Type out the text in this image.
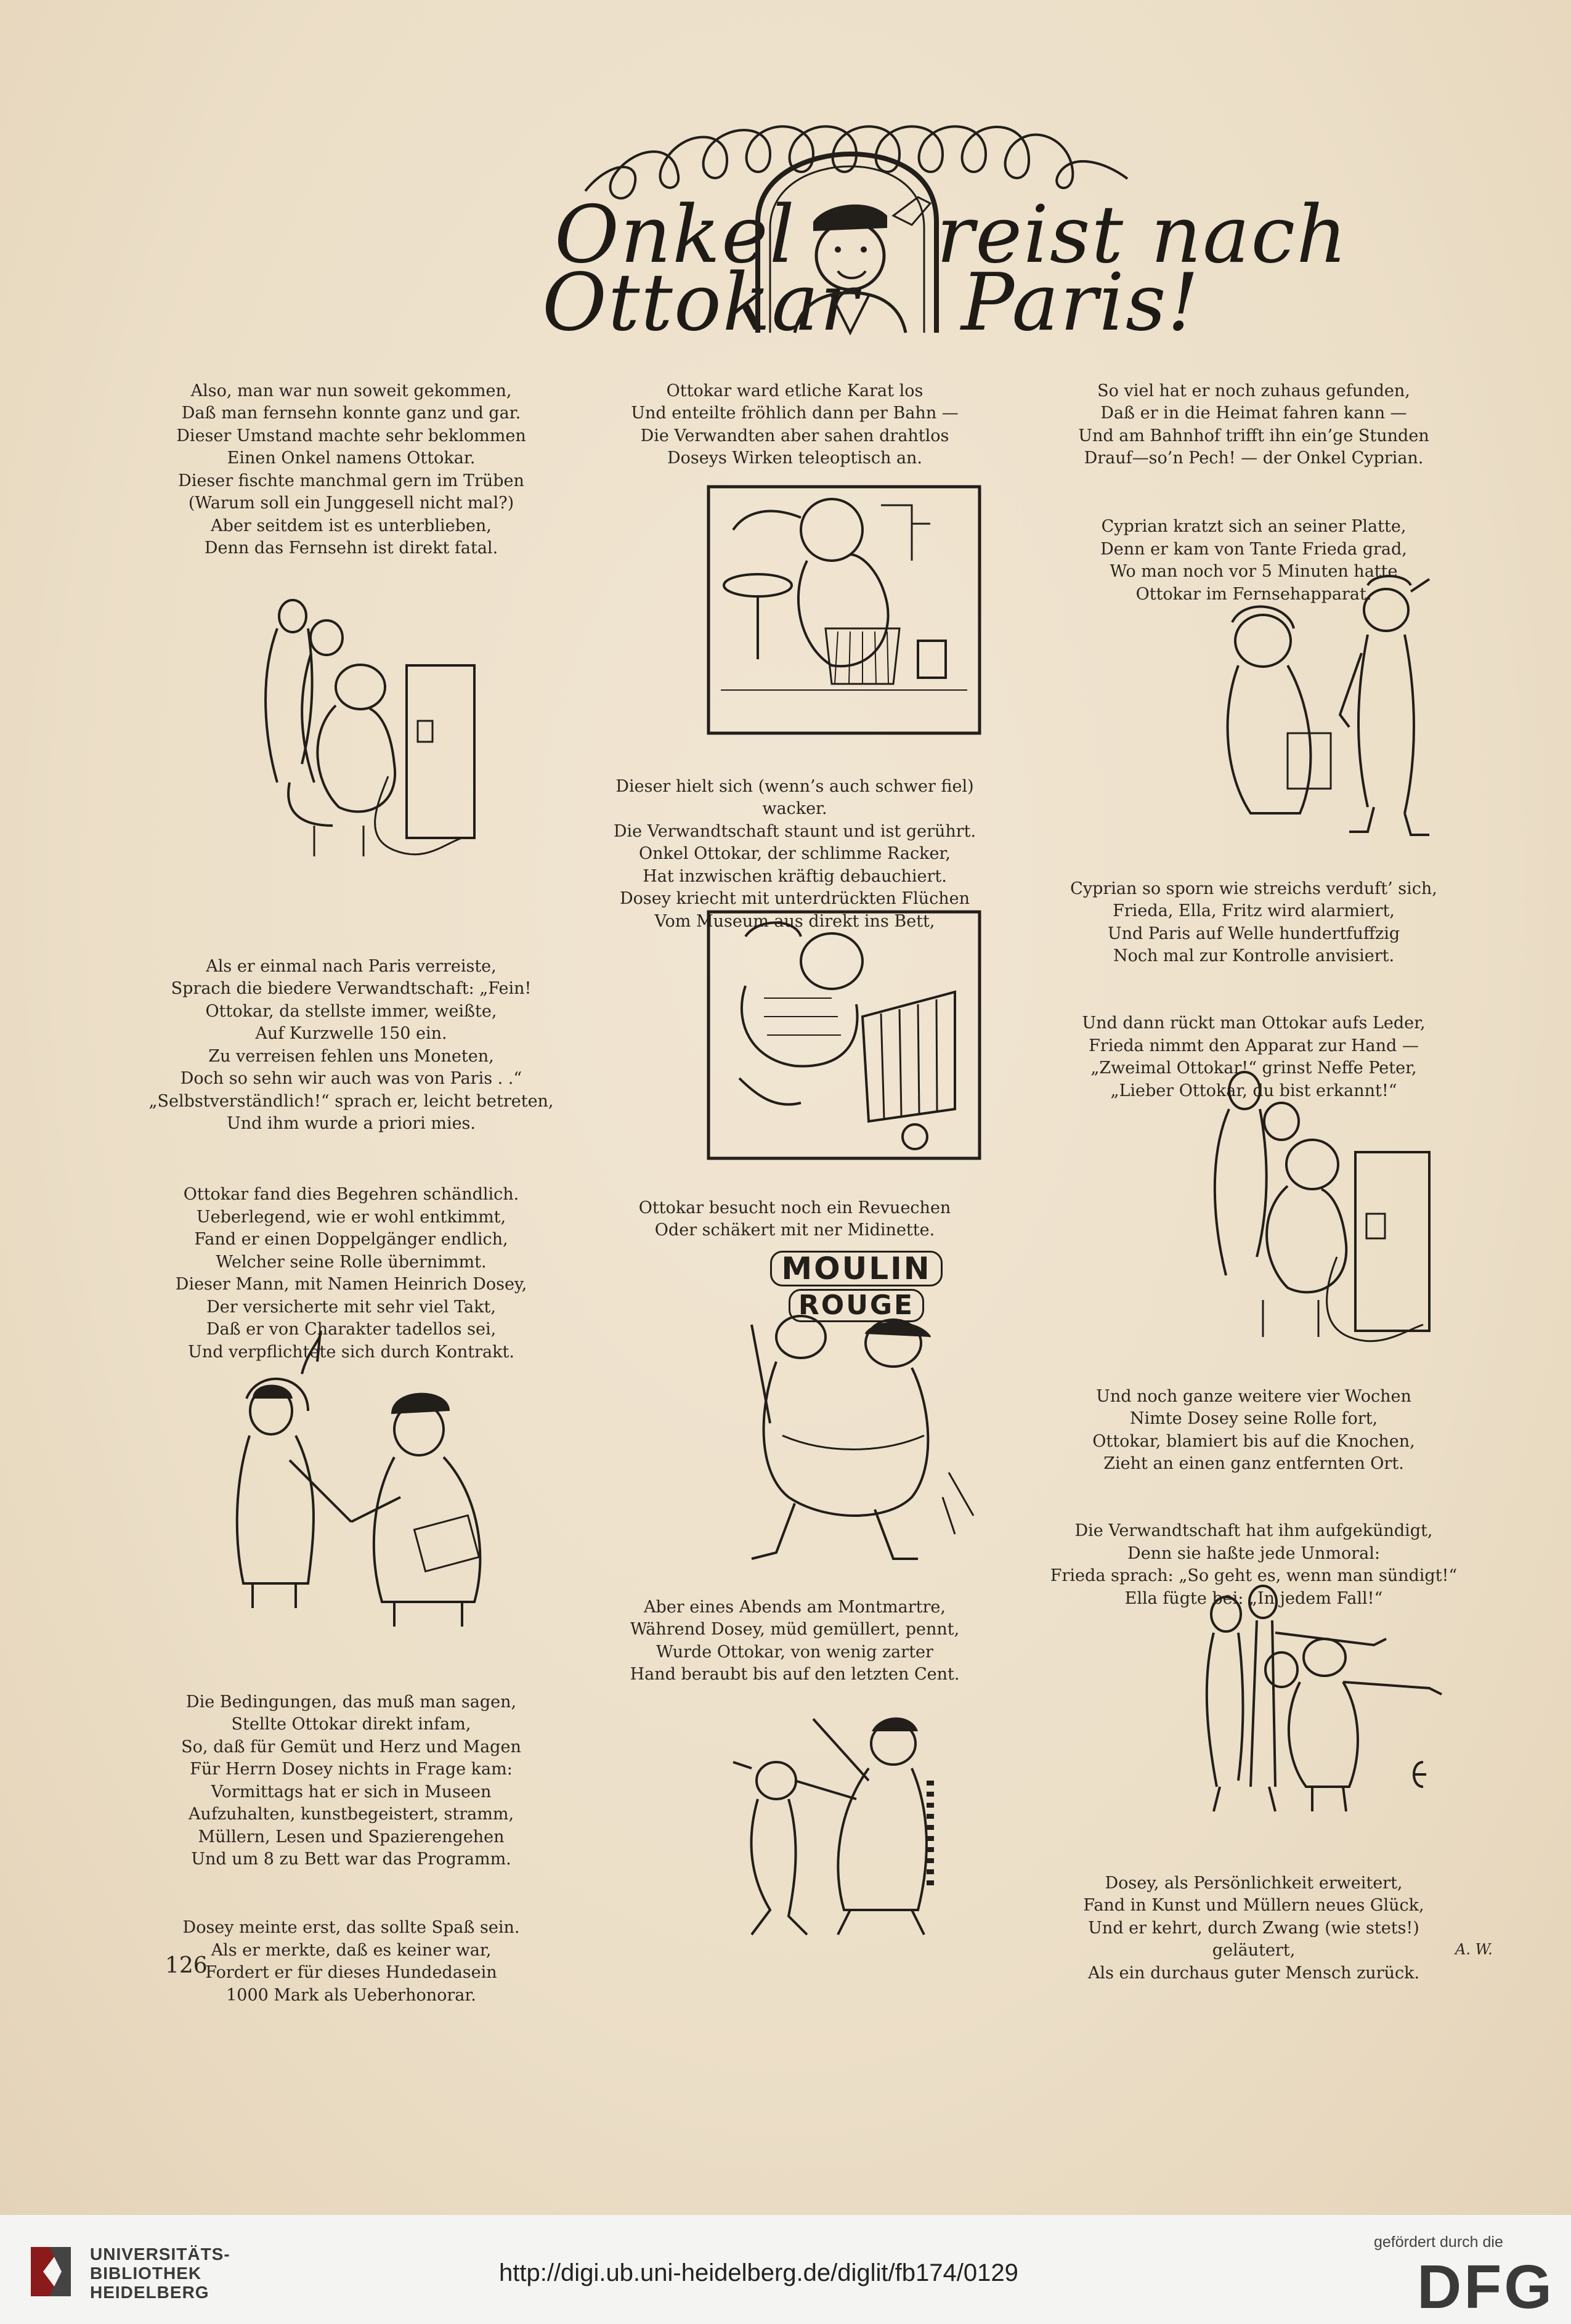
Onkel
Ottokar
reist nach
Paris!

Also, man war nun soweit gekommen,
Daß man fernsehn konnte ganz und gar.
Dieser Umstand machte sehr beklommen
Einen Onkel namens Ottokar.
Dieser fischte manchmal gern im Trüben
(Warum soll ein Junggesell nicht mal?)
Aber seitdem ist es unterblieben,
Denn das Fernsehn ist direkt fatal.

Als er einmal nach Paris verreiste,
Sprach die biedere Verwandtschaft: „Fein!
Ottokar, da stellste immer, weißte,
Auf Kurzwelle 150 ein.
Zu verreisen fehlen uns Moneten,
Doch so sehn wir auch was von Paris . .“
„Selbstverständlich!“ sprach er, leicht betreten,
Und ihm wurde a priori mies.

Ottokar fand dies Begehren schändlich.
Ueberlegend, wie er wohl entkimmt,
Fand er einen Doppelgänger endlich,
Welcher seine Rolle übernimmt.
Dieser Mann, mit Namen Heinrich Dosey,
Der versicherte mit sehr viel Takt,
Daß er von Charakter tadellos sei,
Und verpflichtete sich durch Kontrakt.

Die Bedingungen, das muß man sagen,
Stellte Ottokar direkt infam,
So, daß für Gemüt und Herz und Magen
Für Herrn Dosey nichts in Frage kam:
Vormittags hat er sich in Museen
Aufzuhalten, kunstbegeistert, stramm,
Müllern, Lesen und Spazierengehen
Und um 8 zu Bett war das Programm.

Dosey meinte erst, das sollte Spaß sein.
Als er merkte, daß es keiner war,
Fordert er für dieses Hundedasein
1000 Mark als Ueberhonorar.

Ottokar ward etliche Karat los
Und enteilte fröhlich dann per Bahn —
Die Verwandten aber sahen drahtlos
Doseys Wirken teleoptisch an.

Dieser hielt sich (wenn’s auch schwer fiel) wacker.
Die Verwandtschaft staunt und ist gerührt.
Onkel Ottokar, der schlimme Racker,
Hat inzwischen kräftig debauchiert.
Dosey kriecht mit unterdrückten Flüchen
Vom Museum aus direkt ins Bett,

Ottokar besucht noch ein Revuechen
Oder schäkert mit ner Midinette.

MOULIN
ROUGE

Aber eines Abends am Montmartre,
Während Dosey, müd gemüllert, pennt,
Wurde Ottokar, von wenig zarter
Hand beraubt bis auf den letzten Cent.

So viel hat er noch zuhaus gefunden,
Daß er in die Heimat fahren kann —
Und am Bahnhof trifft ihn ein’ge Stunden
Drauf—so’n Pech! — der Onkel Cyprian.

Cyprian kratzt sich an seiner Platte,
Denn er kam von Tante Frieda grad,
Wo man noch vor 5 Minuten hatte
Ottokar im Fernsehapparat.

Cyprian so sporn wie streichs verduft’ sich,
Frieda, Ella, Fritz wird alarmiert,
Und Paris auf Welle hundertfuffzig
Noch mal zur Kontrolle anvisiert.

Und dann rückt man Ottokar aufs Leder,
Frieda nimmt den Apparat zur Hand —
„Zweimal Ottokar!“ grinst Neffe Peter,
„Lieber Ottokar, du bist erkannt!“

Und noch ganze weitere vier Wochen
Nimte Dosey seine Rolle fort,
Ottokar, blamiert bis auf die Knochen,
Zieht an einen ganz entfernten Ort.

Die Verwandtschaft hat ihm aufgekündigt,
Denn sie haßte jede Unmoral:
Frieda sprach: „So geht es, wenn man sündigt!“
Ella fügte bei: „In jedem Fall!“

Dosey, als Persönlichkeit erweitert,
Fand in Kunst und Müllern neues Glück,
Und er kehrt, durch Zwang (wie stets!) geläutert,
Als ein durchaus guter Mensch zurück.

A. W.
126
UNIVERSITÄTS-
BIBLIOTHEK
HEIDELBERG
http://digi.ub.uni-heidelberg.de/diglit/fb174/0129
gefördert durch die
DFG
